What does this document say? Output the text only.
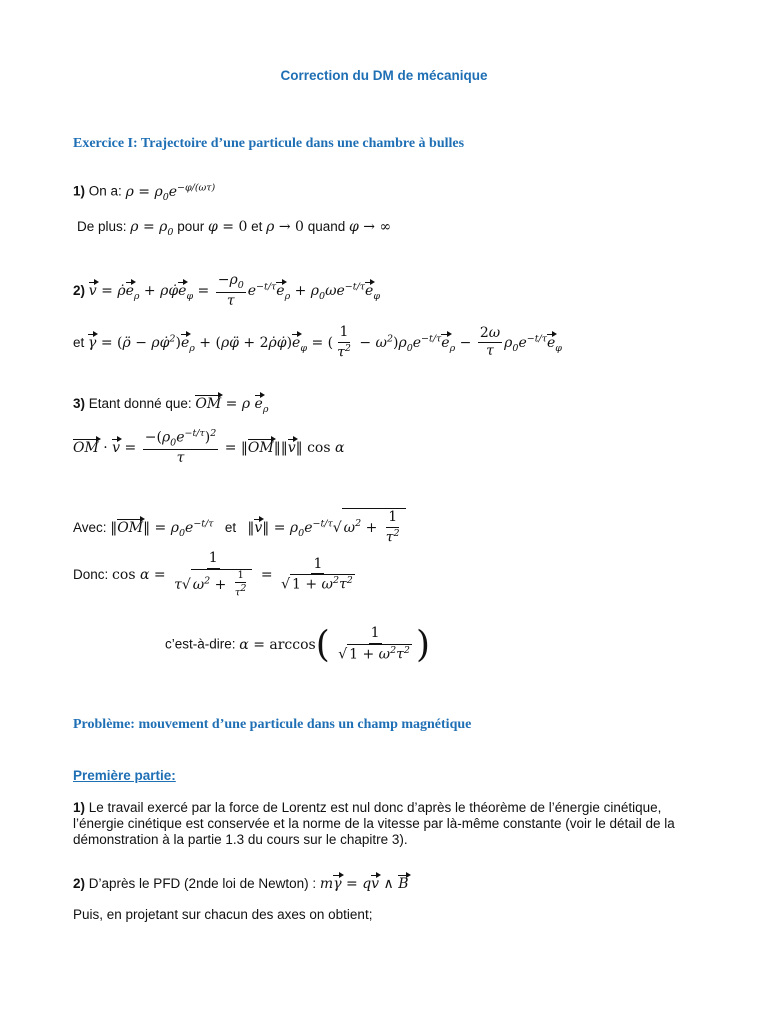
Correction du DM de mécanique
Exercice I: Trajectoire d’une particule dans une chambre à bulles
1) On a: $\rho = \rho_0e^{-\varphi/(\omega\tau)}$
De plus: $\rho = \rho_0$ pour φ = 0 et ρ → 0 quand φ → ∞
2) $v = \rhȯe_\rho$ + $\rho\varphi̇e_\varphi = \frac{-\rho_0}{\tau} e^{-t/\tau}e_\rho + \rho_0\omega e^{-t/\tau}e_\varphi$
et γ = (ρ̈ − $\rho\varphi̇^2)e_\rho$ + (ρφ̈ + $2\rhȯ\varphi̇)e_\varphi$ = ( $\frac{1}{\tau^2} - \omega^2)\rho_0e^{-t/\tau}e_\rho - \frac{2\omega}{\tau} \rho_0e^{-t/\tau}e_\varphi$
3) Etant donné que: OM = ρ $e_\rho$
OM · $v = \frac{-(\rho_0e^{-t/\tau})^2}{\tau}$ = ‖OM‖‖v‖ cos α
Avec: ‖OM‖ = $\rho_0e^{-t/\tau}$ et ‖v‖ = $\rho_0e^{-t/\tau}√$ $\omega^2 + \frac{1}{\tau^2}$
Donc: $\cos \alpha = \frac{1}{\tau√ \omega^2 + \frac{1}{\tau^2}} = \frac{1}{√ 1 + \omega^2\tau^2}$
c’est-à-dire: $\alpha = \arccos( \frac{1}{√ 1 + \omega^2\tau^2}$ )
Problème: mouvement d’une particule dans un champ magnétique
Première partie:
1) Le travail exercé par la force de Lorentz est nul donc d’après le théorème de l’énergie cinétique, l’énergie cinétique est conservée et la norme de la vitesse par là-même constante (voir le détail de la démonstration à la partie 1.3 du cours sur le chapitre 3).
2) D’après le PFD (2nde loi de Newton) : mγ = qv ∧ B
Puis, en projetant sur chacun des axes on obtient;
